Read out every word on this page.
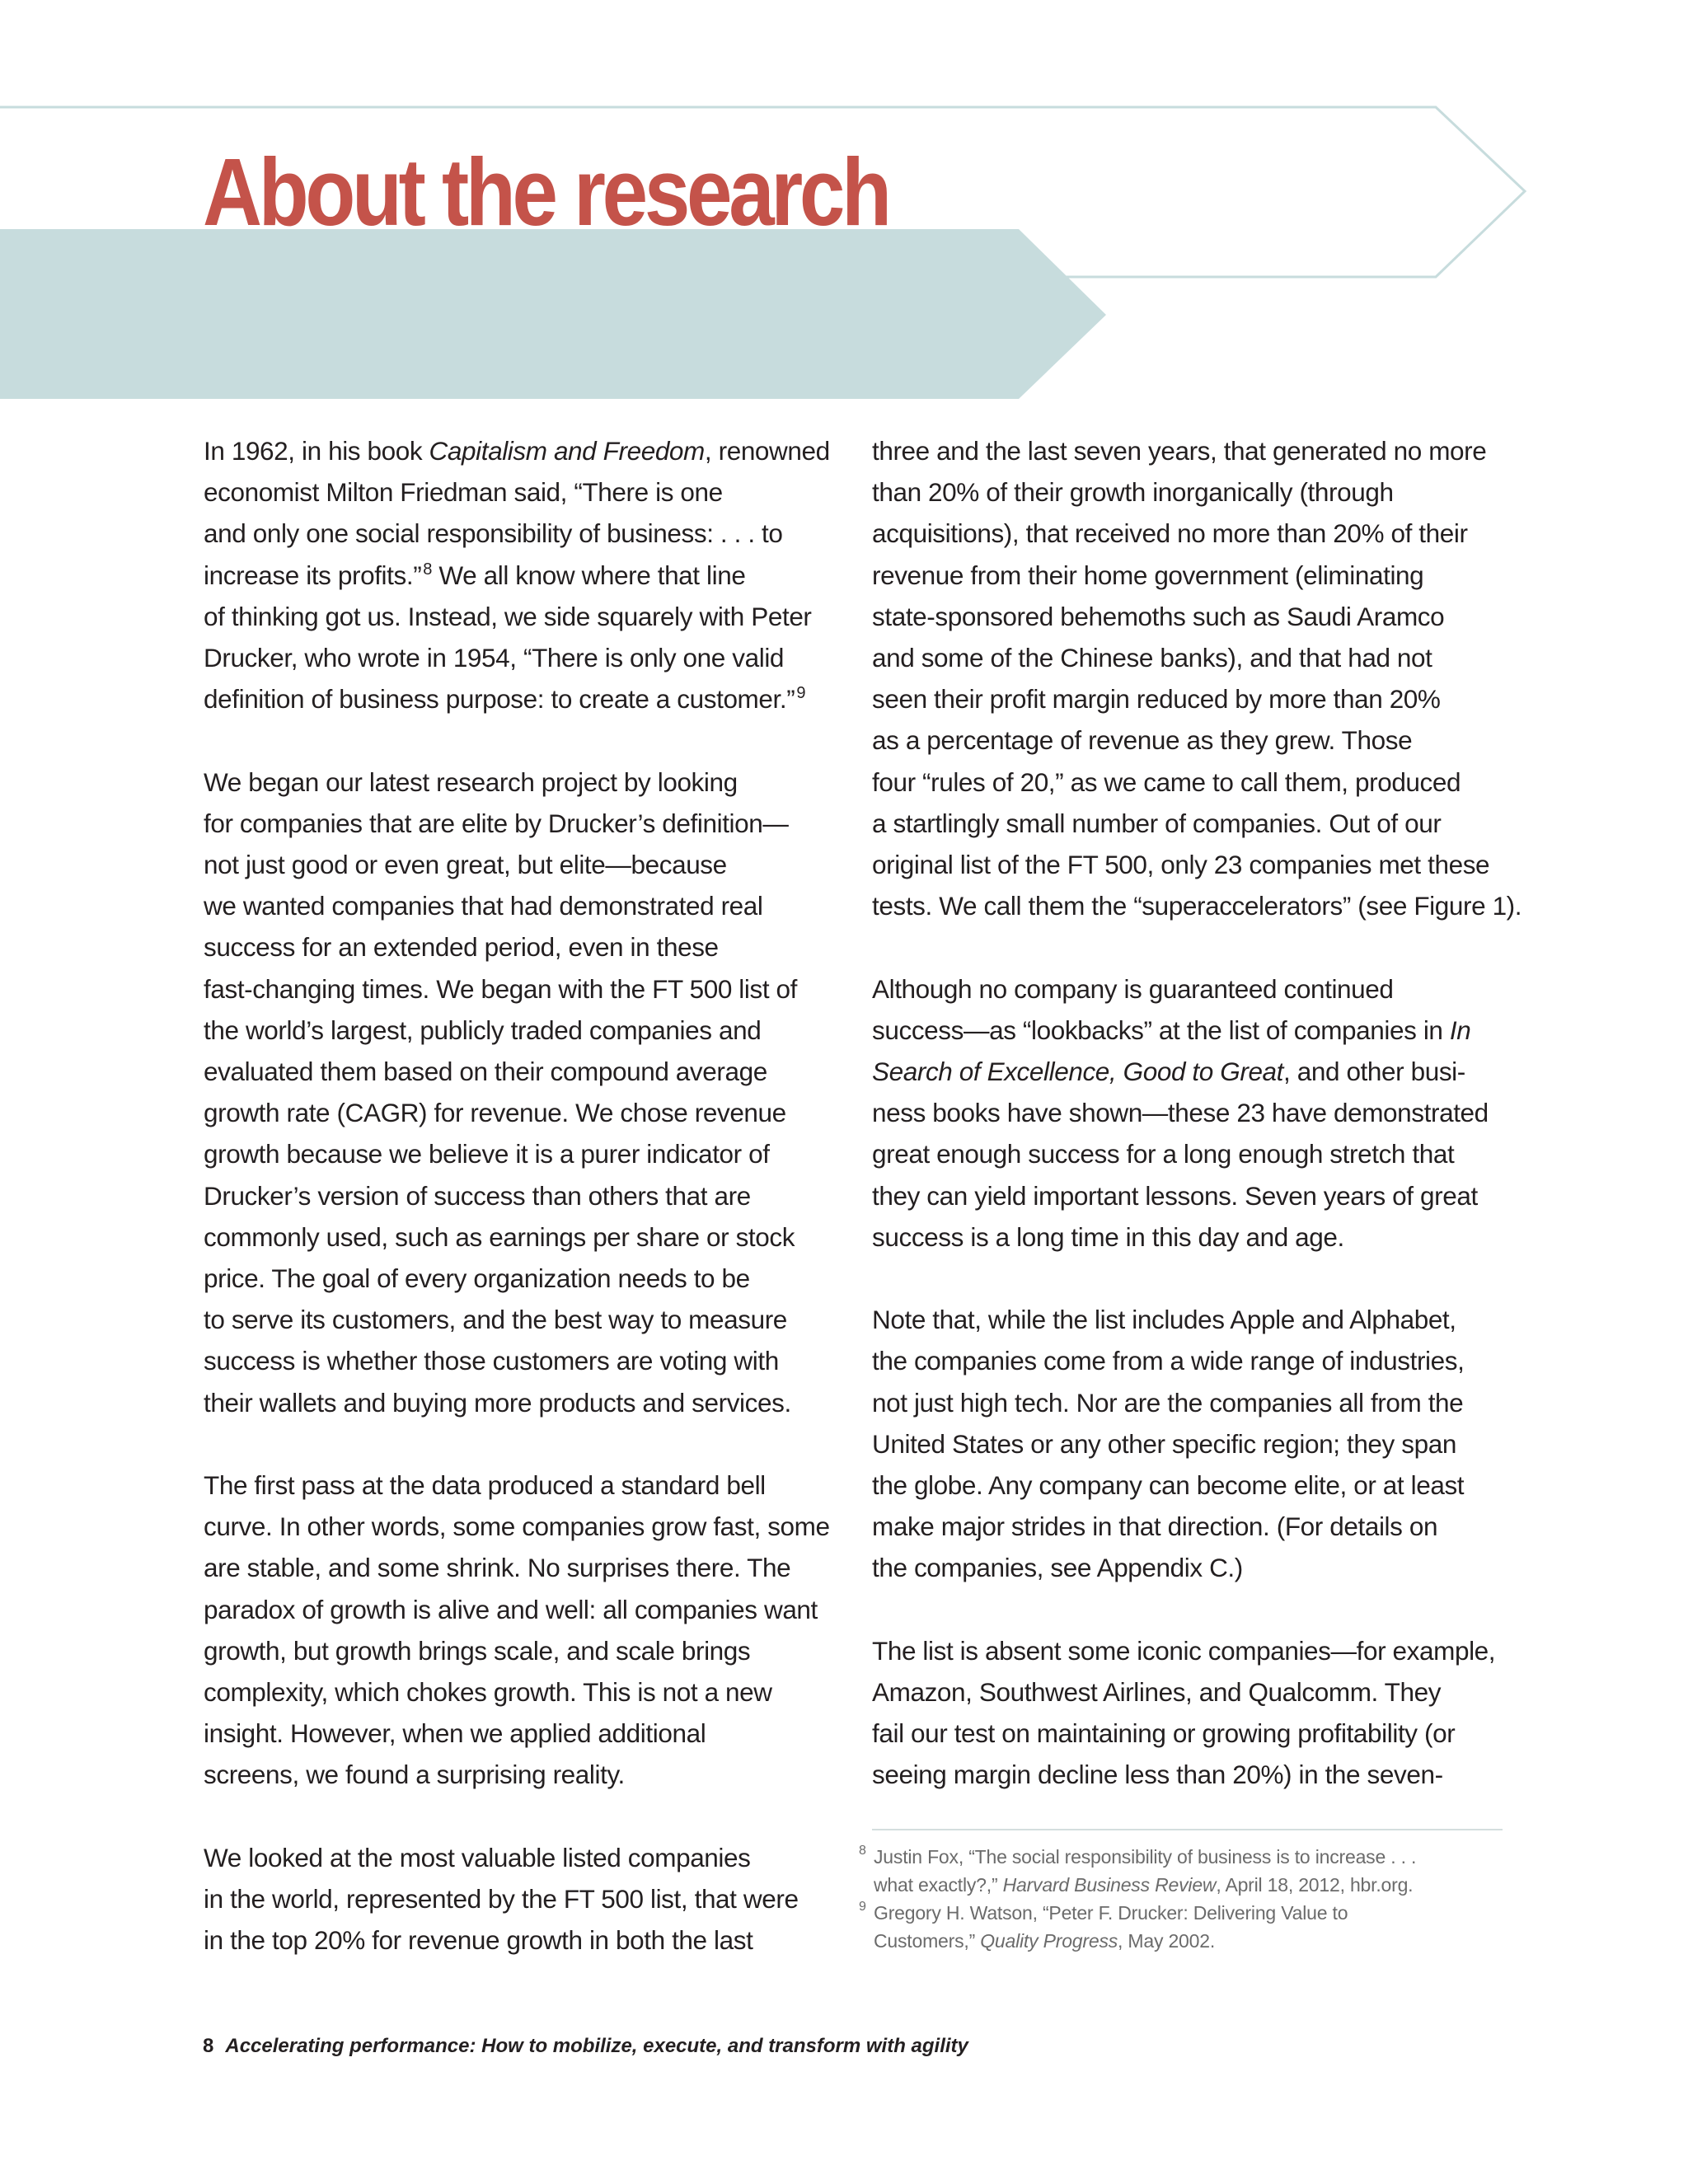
About the research

In 1962, in his book Capitalism and Freedom, renowned
economist Milton Friedman said, “There is one
and only one social responsibility of business: . . . to
increase its profits.” $^8$ We all know where that line
of thinking got us. Instead, we side squarely with Peter
Drucker, who wrote in 1954, “There is only one valid
definition of business purpose: to create a customer.” $^9$

We began our latest research project by looking
for companies that are elite by Drucker’s definition—
not just good or even great, but elite—because
we wanted companies that had demonstrated real
success for an extended period, even in these
fast-changing times. We began with the FT 500 list of
the world’s largest, publicly traded companies and
evaluated them based on their compound average
growth rate (CAGR) for revenue. We chose revenue
growth because we believe it is a purer indicator of
Drucker’s version of success than others that are
commonly used, such as earnings per share or stock
price. The goal of every organization needs to be
to serve its customers, and the best way to measure
success is whether those customers are voting with
their wallets and buying more products and services.

The first pass at the data produced a standard bell
curve. In other words, some companies grow fast, some
are stable, and some shrink. No surprises there. The
paradox of growth is alive and well: all companies want
growth, but growth brings scale, and scale brings
complexity, which chokes growth. This is not a new
insight. However, when we applied additional
screens, we found a surprising reality.

We looked at the most valuable listed companies
in the world, represented by the FT 500 list, that were
in the top 20% for revenue growth in both the last

three and the last seven years, that generated no more
than 20% of their growth inorganically (through
acquisitions), that received no more than 20% of their
revenue from their home government (eliminating
state-sponsored behemoths such as Saudi Aramco
and some of the Chinese banks), and that had not
seen their profit margin reduced by more than 20%
as a percentage of revenue as they grew. Those
four “rules of 20,” as we came to call them, produced
a startlingly small number of companies. Out of our
original list of the FT 500, only 23 companies met these
tests. We call them the “superaccelerators” (see Figure 1).

Although no company is guaranteed continued
success—as “lookbacks” at the list of companies in In
Search of Excellence, Good to Great, and other busi-
ness books have shown—these 23 have demonstrated
great enough success for a long enough stretch that
they can yield important lessons. Seven years of great
success is a long time in this day and age.

Note that, while the list includes Apple and Alphabet,
the companies come from a wide range of industries,
not just high tech. Nor are the companies all from the
United States or any other specific region; they span
the globe. Any company can become elite, or at least
make major strides in that direction. (For details on
the companies, see Appendix C.)

The list is absent some iconic companies—for example,
Amazon, Southwest Airlines, and Qualcomm. They
fail our test on maintaining or growing profitability (or
seeing margin decline less than 20%) in the seven-

8 Justin Fox, “The social responsibility of business is to increase . . .
what exactly?,” Harvard Business Review, April 18, 2012, hbr.org.
9 Gregory H. Watson, “Peter F. Drucker: Delivering Value to
Customers,” Quality Progress, May 2002.
8 Accelerating performance: How to mobilize, execute, and transform with agility
